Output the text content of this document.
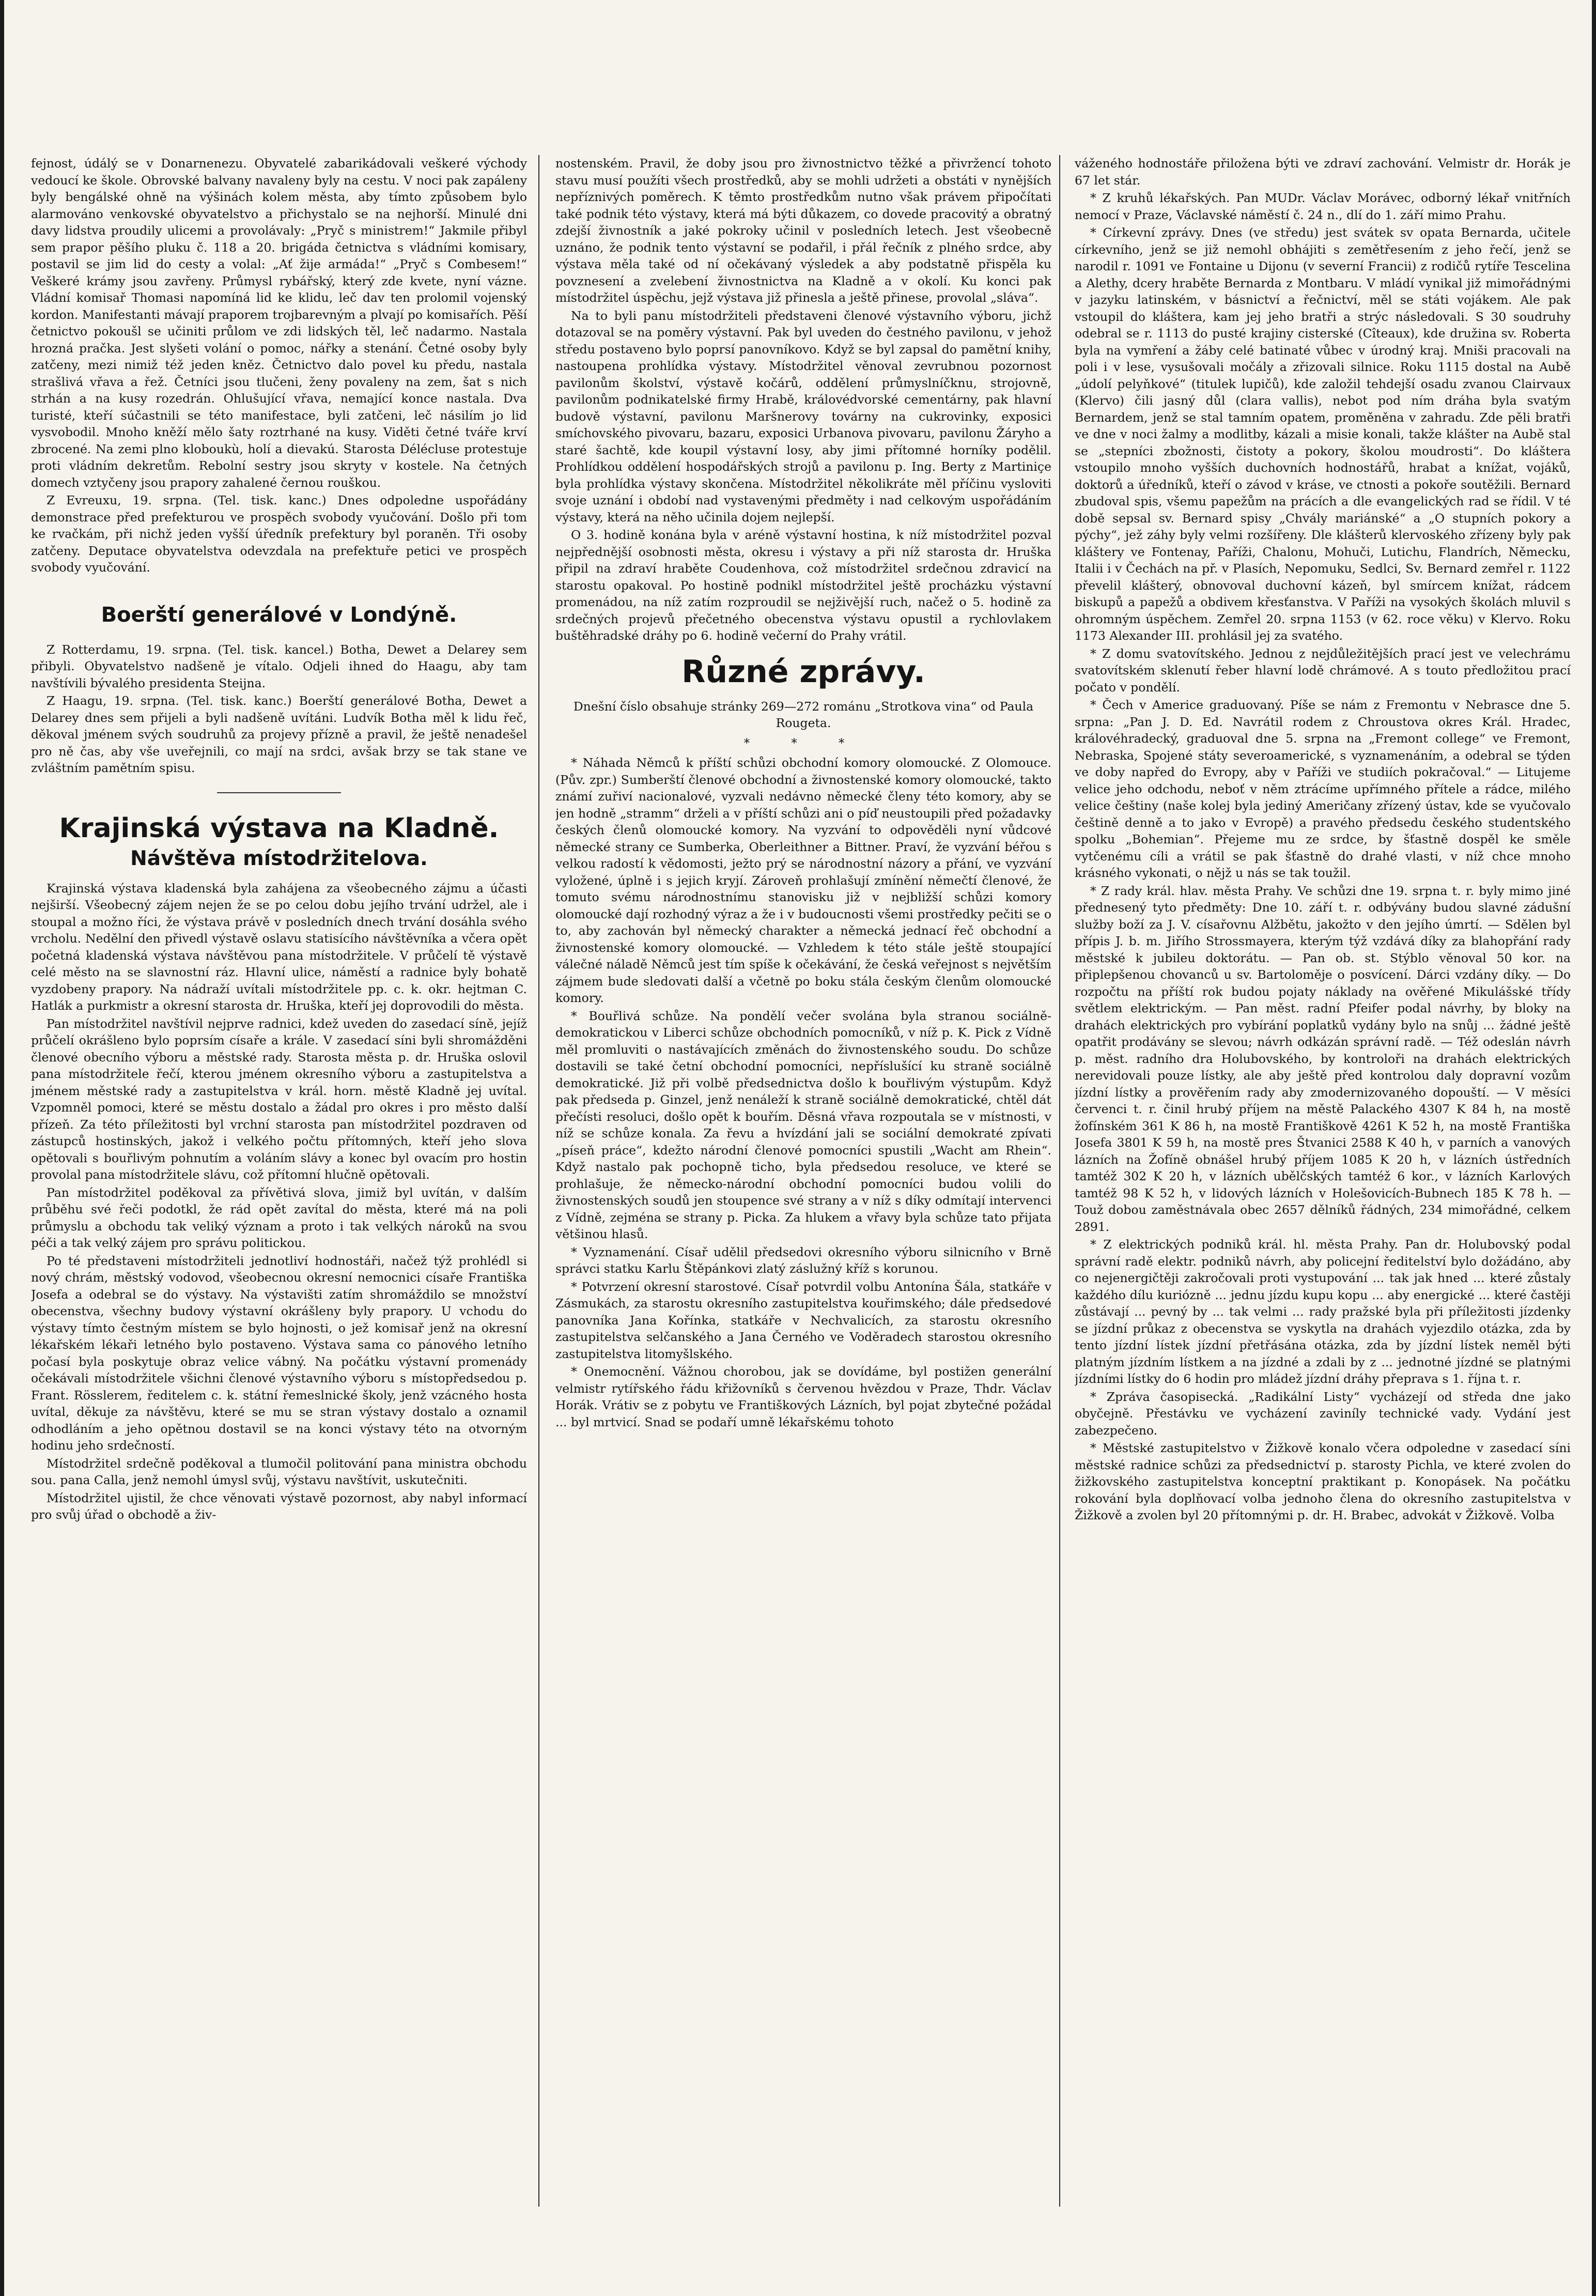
fejnost, údálý se v Donarnenezu. Obyvatelé zabarikádovali veškeré východy vedoucí ke škole. Obrovské balvany navaleny byly na cestu. V noci pak zapáleny byly bengálské ohně na výšinách kolem města, aby tímto způsobem bylo alarmováno venkovské obyvatelstvo a přichystalo se na nejhorší. Minulé dni davy lidstva proudily ulicemi a provolávaly: „Pryč s ministrem!“ Jakmile přibyl sem prapor pěšího pluku č. 118 a 20. brigáda četnictva s vládními komisary, postavil se jim lid do cesty a volal: „Ať žije armáda!“ „Pryč s Combesem!“ Veškeré krámy jsou zavřeny. Průmysl rybářský, který zde kvete, nyní vázne. Vládní komisař Thomasi napomíná lid ke klidu, leč dav ten prolomil vojenský kordon. Manifestanti mávají praporem trojbarevným a plvají po komisařích. Pěší četnictvo pokoušl se učiniti průlom ve zdi lidských těl, leč nadarmo. Nastala hrozná pračka. Jest slyšeti volání o pomoc, nářky a stenání. Četné osoby byly zatčeny, mezi nimiž též jeden kněz. Četnictvo dalo povel ku předu, nastala strašlivá vřava a řež. Četníci jsou tlučeni, ženy povaleny na zem, šat s nich strhán a na kusy rozedrán. Ohlušující vřava, nemající konce nastala. Dva turisté, kteří súčastnili se této manifestace, byli zatčeni, leč násilím jo lid vysvobodil. Mnoho kněží mělo šaty roztrhané na kusy. Viděti četné tváře krví zbrocené. Na zemi plno kloboukù, holí a dievakú. Starosta Délécluse protestuje proti vládním dekretům. Rebolní sestry jsou skryty v kostele. Na četných domech vztyčeny jsou prapory zahalené černou rouškou.

Z Evreuxu, 19. srpna. (Tel. tisk. kanc.) Dnes odpoledne uspořádány demonstrace před prefekturou ve prospěch svobody vyučování. Došlo při tom ke rvačkám, při nichž jeden vyšší úředník prefektury byl poraněn. Tři osoby zatčeny. Deputace obyvatelstva odevzdala na prefektuře petici ve prospěch svobody vyučování.

Boerští generálové v Londýně.

Z Rotterdamu, 19. srpna. (Tel. tisk. kancel.) Botha, Dewet a Delarey sem přibyli. Obyvatelstvo nadšeně je vítalo. Odjeli ihned do Haagu, aby tam navštívili bývalého presidenta Steijna.

Z Haagu, 19. srpna. (Tel. tisk. kanc.) Boerští generálové Botha, Dewet a Delarey dnes sem přijeli a byli nadšeně uvítáni. Ludvík Botha měl k lidu řeč, děkoval jménem svých soudruhů za projevy přízně a pravil, že ještě nenadešel pro ně čas, aby vše uveřejnili, co mají na srdci, avšak brzy se tak stane ve zvláštním pamětním spisu.

Krajinská výstava na Kladně.
Návštěva místodržitelova.

Krajinská výstava kladenská byla zahájena za všeobecného zájmu a účasti nejširší. Všeobecný zájem nejen že se po celou dobu jejího trvání udržel, ale i stoupal a možno říci, že výstava právě v posledních dnech trvání dosáhla svého vrcholu. Nedělní den přivedl výstavě oslavu statisícího návštěvníka a včera opět početná kladenská výstava návštěvou pana místodržitele. V průčelí tě výstavě celé město na se slavnostní ráz. Hlavní ulice, náměstí a radnice byly bohatě vyzdobeny prapory. Na nádraží uvítali místodržitele pp. c. k. okr. hejtman C. Hatlák a purkmistr a okresní starosta dr. Hruška, kteří jej doprovodili do města.

Pan místodržitel navštívil nejprve radnici, kdež uveden do zasedací síně, jejíž průčelí okrášleno bylo poprsím císaře a krále. V zasedací síni byli shromážděni členové obecního výboru a městské rady. Starosta města p. dr. Hruška oslovil pana místodržitele řečí, kterou jménem okresního výboru a zastupitelstva a jménem městské rady a zastupitelstva v král. horn. městě Kladně jej uvítal. Vzpomněl pomoci, které se městu dostalo a žádal pro okres i pro město další přízeň. Za této příležitosti byl vrchní starosta pan místodržitel pozdraven od zástupců hostinských, jakož i velkého počtu přítomných, kteří jeho slova opětovali s bouřlivým pohnutím a voláním slávy a konec byl ovacím pro hostin provolal pana místodržitele slávu, což přítomní hlučně opětovali.

Pan místodržitel poděkoval za přívětivá slova, jimiž byl uvítán, v dalším průběhu své řeči podotkl, že rád opět zavítal do města, které má na poli průmyslu a obchodu tak veliký význam a proto i tak velkých nároků na svou péči a tak velký zájem pro správu politickou.

Po té představeni místodržiteli jednotliví hodnostáři, načež týž prohlédl si nový chrám, městský vodovod, všeobecnou okresní nemocnici císaře Františka Josefa a odebral se do výstavy. Na výstavišti zatím shromáždilo se množství obecenstva, všechny budovy výstavní okrášleny byly prapory. U vchodu do výstavy tímto čestným místem se bylo hojnosti, o jež komisař jenž na okresní lékařském lékaři letného bylo postaveno. Výstava sama co pánového letního počasí byla poskytuje obraz velice vábný. Na počátku výstavní promenády očekávali místodržitele všichni členové výstavního výboru s místopředsedou p. Frant. Rösslerem, ředitelem c. k. státní řemeslnické školy, jenž vzácného hosta uvítal, děkuje za návštěvu, které se mu se stran výstavy dostalo a oznamil odhodláním a jeho opětnou dostavil se na konci výstavy této na otvorným hodinu jeho srdečností.

Místodržitel srdečně poděkoval a tlumočil politování pana ministra obchodu sou. pana Calla, jenž nemohl úmysl svůj, výstavu navštívit, uskutečniti.

Místodržitel ujistil, že chce věnovati výstavě pozornost, aby nabyl informací pro svůj úřad o obchodě a živ-

nostenském. Pravil, že doby jsou pro živnostnictvo těžké a přivržencí tohoto stavu musí použíti všech prostředků, aby se mohli udržeti a obstáti v nynějších nepříznivých poměrech. K těmto prostředkům nutno však právem připočítati také podnik této výstavy, která má býti důkazem, co dovede pracovitý a obratný zdejší živnostník a jaké pokroky učinil v posledních letech. Jest všeobecně uznáno, že podnik tento výstavní se podařil, i přál řečník z plného srdce, aby výstava měla také od ní očekávaný výsledek a aby podstatně přispěla ku povznesení a zvelebení živnostnictva na Kladně a v okolí. Ku konci pak místodržitel úspěchu, jejž výstava již přinesla a ještě přinese, provolal „sláva“.

Na to byli panu místodržiteli představeni členové výstavního výboru, jichž dotazoval se na poměry výstavní. Pak byl uveden do čestného pavilonu, v jehož středu postaveno bylo poprsí panovníkovo. Když se byl zapsal do pamětní knihy, nastoupena prohlídka výstavy. Místodržitel věnoval zevrubnou pozornost pavilonům školství, výstavě kočárů, oddělení průmyslníčknu, strojovně, pavilonům podnikatelské firmy Hrabě, královédvorské cementárny, pak hlavní budově výstavní, pavilonu Maršnerovy továrny na cukrovinky, exposici smíchovského pivovaru, bazaru, exposici Urbanova pivovaru, pavilonu Žáryho a staré šachtě, kde koupil výstavní losy, aby jimi přítomné horníky podělil. Prohlídkou oddělení hospodářských strojů a pavilonu p. Ing. Berty z Martiniçe byla prohlídka výstavy skončena. Místodržitel několikráte měl příčinu vysloviti svoje uznání i období nad vystavenými předměty i nad celkovým uspořádáním výstavy, která na něho učinila dojem nejlepší.

O 3. hodině konána byla v aréně výstavní hostina, k níž místodržitel pozval nejpřednější osobnosti města, okresu i výstavy a při níž starosta dr. Hruška připil na zdraví hraběte Coudenhova, což místodržitel srdečnou zdravicí na starostu opakoval. Po hostině podnikl místodržitel ještě procházku výstavní promenádou, na níž zatím rozproudil se nejživější ruch, načež o 5. hodině za srdečných projevů přečetného obecenstva výstavu opustil a rychlovlakem buštěhradské dráhy po 6. hodině večerní do Prahy vrátil.

Různé zprávy.

Dnešní číslo obsahuje stránky 269—272 románu „Strotkova vina“ od Paula Rougeta.

* * *

* Náhada Němců k příští schůzi obchodní komory olomoucké. Z Olomouce. (Pův. zpr.) Sumberští členové obchodní a živnostenské komory olomoucké, takto známí zuřiví nacionalové, vyzvali nedávno německé členy této komory, aby se jen hodně „stramm“ drželi a v příští schůzi ani o píď neustoupili před požadavky českých členů olomoucké komory. Na vyzvání to odpověděli nyní vůdcové německé strany ce Sumberka, Oberleithner a Bittner. Praví, že vyzvání béřou s velkou radostí k vědomosti, ježto prý se národnostní názory a přání, ve vyzvání vyložené, úplně i s jejich kryjí. Zároveň prohlašují zmínění němečtí členové, že tomuto svému národnostnímu stanovisku již v nejbližší schůzi komory olomoucké dají rozhodný výraz a že i v budoucnosti všemi prostředky pečiti se o to, aby zachován byl německý charakter a německá jednací řeč obchodní a živnostenské komory olomoucké. — Vzhledem k této stále ještě stoupající válečné náladě Němců jest tím spíše k očekávání, že česká veřejnost s největším zájmem bude sledovati další a včetně po boku stála českým členům olomoucké komory.

* Bouřlivá schůze. Na pondělí večer svolána byla stranou sociálně-demokratickou v Liberci schůze obchodních pomocníků, v níž p. K. Pick z Vídně měl promluviti o nastávajících změnách do živnostenského soudu. Do schůze dostavili se také četní obchodní pomocníci, nepříslušící ku straně sociálně demokratické. Již při volbě předsednictva došlo k bouřlivým výstupům. Když pak předseda p. Ginzel, jenž nenáleží k straně sociálně demokratické, chtěl dát přečísti resoluci, došlo opět k bouřím. Děsná vřava rozpoutala se v místnosti, v níž se schůze konala. Za řevu a hvízdání jali se sociální demokraté zpívati „píseň práce“, kdežto národní členové pomocníci spustili „Wacht am Rhein“. Když nastalo pak pochopně ticho, byla předsedou resoluce, ve které se prohlašuje, že německo-národní obchodní pomocníci budou volili do živnostenských soudů jen stoupence své strany a v níž s díky odmítají intervenci z Vídně, zejména se strany p. Picka. Za hlukem a vřavy byla schůze tato přijata většinou hlasů.

* Vyznamenání. Císař udělil předsedovi okresního výboru silnicního v Brně správci statku Karlu Štěpánkovi zlatý záslužný kříž s korunou.

* Potvrzení okresní starostové. Císař potvrdil volbu Antonína Šála, statkáře v Zásmukách, za starostu okresního zastupitelstva kouřimského; dále předsedové panovníka Jana Kořínka, statkáře v Nechvalicích, za starostu okresního zastupitelstva selčanského a Jana Černého ve Voděradech starostou okresního zastupitelstva litomyšlského.

* Onemocnění. Vážnou chorobou, jak se dovídáme, byl postižen generální velmistr rytířského řádu křižovníků s červenou hvězdou v Praze, Thdr. Václav Horák. Vrátiv se z pobytu ve Františkových Lázních, byl pojat zbytečné požádal ... byl mrtvicí. Snad se podaří umně lékařskému tohoto

váženého hodnostáře přiložena býti ve zdraví zachování. Velmistr dr. Horák je 67 let stár.

* Z kruhů lékařských. Pan MUDr. Václav Morávec, odborný lékař vnitřních nemocí v Praze, Václavské náměstí č. 24 n., dlí do 1. září mimo Prahu.

* Církevní zprávy. Dnes (ve středu) jest svátek sv opata Bernarda, učitele církevního, jenž se již nemohl obhájiti s zemětřesením z jeho řečí, jenž se narodil r. 1091 ve Fontaine u Dijonu (v severní Francii) z rodičů rytíře Tescelina a Alethy, dcery hraběte Bernarda z Montbaru. V mládí vynikal již mimořádnými v jazyku latinském, v básnictví a řečnictví, měl se státi vojákem. Ale pak vstoupil do kláštera, kam jej jeho bratři a strýc následovali. S 30 soudruhy odebral se r. 1113 do pusté krajiny cisterské (Cîteaux), kde družina sv. Roberta byla na vymření a žáby celé batinaté vůbec v úrodný kraj. Mniši pracovali na poli i v lese, vysušovali močály a zřizovali silnice. Roku 1115 dostal na Aubě „údolí pelyňkové“ (titulek lupičů), kde založil tehdejší osadu zvanou Clairvaux (Klervo) čili jasný důl (clara vallis), nebot pod ním dráha byla svatým Bernardem, jenž se stal tamním opatem, proměněna v zahradu. Zde pěli bratři ve dne v noci žalmy a modlitby, kázali a misie konali, takže klášter na Aubě stal se „stepníci zbožnosti, čistoty a pokory, školou moudrosti“. Do kláštera vstoupilo mnoho vyšších duchovních hodnostářů, hrabat a knížat, vojáků, doktorů a úředníků, kteří o závod v kráse, ve ctnosti a pokoře soutěžili. Bernard zbudoval spis, všemu papežům na prácích a dle evangelických rad se řídil. V té době sepsal sv. Bernard spisy „Chvály mariánské“ a „O stupních pokory a pýchy“, jež záhy byly velmi rozšířeny. Dle klášterů klervoského zřízeny byly pak kláštery ve Fontenay, Paříži, Chalonu, Mohuči, Lutichu, Flandrích, Německu, Italii i v Čechách na př. v Plasích, Nepomuku, Sedlci, Sv. Bernard zemřel r. 1122 převelil klášterý, obnovoval duchovní kázeň, byl smírcem knížat, rádcem biskupů a papežů a obdivem křesťanstva. V Paříži na vysokých školách mluvil s ohromným úspěchem. Zemřel 20. srpna 1153 (v 62. roce věku) v Klervo. Roku 1173 Alexander III. prohlásil jej za svatého.

* Z domu svatovítského. Jednou z nejdůležitějších prací jest ve velechrámu svatovítském sklenutí řeber hlavní lodě chrámové. A s touto předložitou prací počato v pondělí.

* Čech v Americe graduovaný. Píše se nám z Fremontu v Nebrasce dne 5. srpna: „Pan J. D. Ed. Navrátil rodem z Chroustova okres Král. Hradec, královéhradecký, graduoval dne 5. srpna na „Fremont college“ ve Fremont, Nebraska, Spojené státy severoamerické, s vyznamenáním, a odebral se týden ve doby napřed do Evropy, aby v Paříži ve studiích pokračoval.“ — Litujeme velice jeho odchodu, neboť v něm ztrácíme upřímného přítele a rádce, milého velice češtiny (naše kolej byla jediný Američany zřízený ústav, kde se vyučovalo češtině denně a to jako v Evropě) a pravého předsedu českého studentského spolku „Bohemian“. Přejeme mu ze srdce, by šťastně dospěl ke směle vytčenému cíli a vrátil se pak šťastně do drahé vlasti, v níž chce mnoho krásného vykonati, o nějž u nás se tak toužil.

* Z rady král. hlav. města Prahy. Ve schůzi dne 19. srpna t. r. byly mimo jiné přednesený tyto předměty: Dne 10. září t. r. odbývány budou slavné zádušní služby boží za J. V. císařovnu Alžbětu, jakožto v den jejího úmrtí. — Sdělen byl přípis J. b. m. Jiřího Strossmayera, kterým týž vzdává díky za blahopřání rady městské k jubileu doktorátu. — Pan ob. st. Stýblo věnoval 50 kor. na připlepšenou chovanců u sv. Bartoloměje o posvícení. Dárci vzdány díky. — Do rozpočtu na příští rok budou pojaty náklady na ověřené Mikulášské třídy světlem elektrickým. — Pan měst. radní Pfeifer podal návrhy, by bloky na drahách elektrických pro vybírání poplatků vydány bylo na snůj ... žádné ještě opatřit prodávány se slevou; návrh odkázán správní radě. — Též odeslán návrh p. měst. radního dra Holubovského, by kontroloři na drahách elektrických nerevidovali pouze lístky, ale aby ještě před kontrolou daly dopravní vozům jízdní lístky a prověřením rady aby zmodernizovaného dopouští. — V měsíci červenci t. r. činil hrubý příjem na městě Palackého 4307 K 84 h, na mostě žofínském 361 K 86 h, na mostě Františkově 4261 K 52 h, na mostě Františka Josefa 3801 K 59 h, na mostě pres Štvanici 2588 K 40 h, v parních a vanových lázních na Žofíně obnášel hrubý příjem 1085 K 20 h, v lázních ústředních tamtéž 302 K 20 h, v lázních ubělčských tamtéž 6 kor., v lázních Karlových tamtéž 98 K 52 h, v lidových lázních v Holešovicích-Bubnech 185 K 78 h. — Touž dobou zaměstnávala obec 2657 dělníků řádných, 234 mimořádné, celkem 2891.

* Z elektrických podniků král. hl. města Prahy. Pan dr. Holubovský podal správní radě elektr. podniků návrh, aby policejní ředitelství bylo dožádáno, aby co nejenergičtěji zakročovali proti vystupování ... tak jak hned ... které zůstaly každého dílu kuriózně ... jednu jízdu kupu kopu ... aby energické ... které častěji zůstávají ... pevný by ... tak velmi ... rady pražské byla při příležitosti jízdenky se jízdní průkaz z obecenstva se vyskytla na drahách vyjezdilo otázka, zda by tento jízdní lístek jízdní přetřásána otázka, zda by jízdní lístek neměl býti platným jízdním lístkem a na jízdné a zdali by z ... jednotné jízdné se platnými jízdními lístky do 6 hodin pro mládež jízdní dráhy přeprava s 1. října t. r.

* Zpráva časopisecká. „Radikální Listy“ vycházejí od středa dne jako obyčejně. Přestávku ve vycházení zaviníly technické vady. Vydání jest zabezpečeno.

* Městské zastupitelstvo v Žižkově konalo včera odpoledne v zasedací síni městské radnice schůzi za předsednictví p. starosty Pichla, ve které zvolen do žižkovského zastupitelstva konceptní praktikant p. Konopásek. Na počátku rokování byla doplňovací volba jednoho člena do okresního zastupitelstva v Žižkově a zvolen byl 20 přítomnými p. dr. H. Brabec, advokát v Žižkově. Volba
